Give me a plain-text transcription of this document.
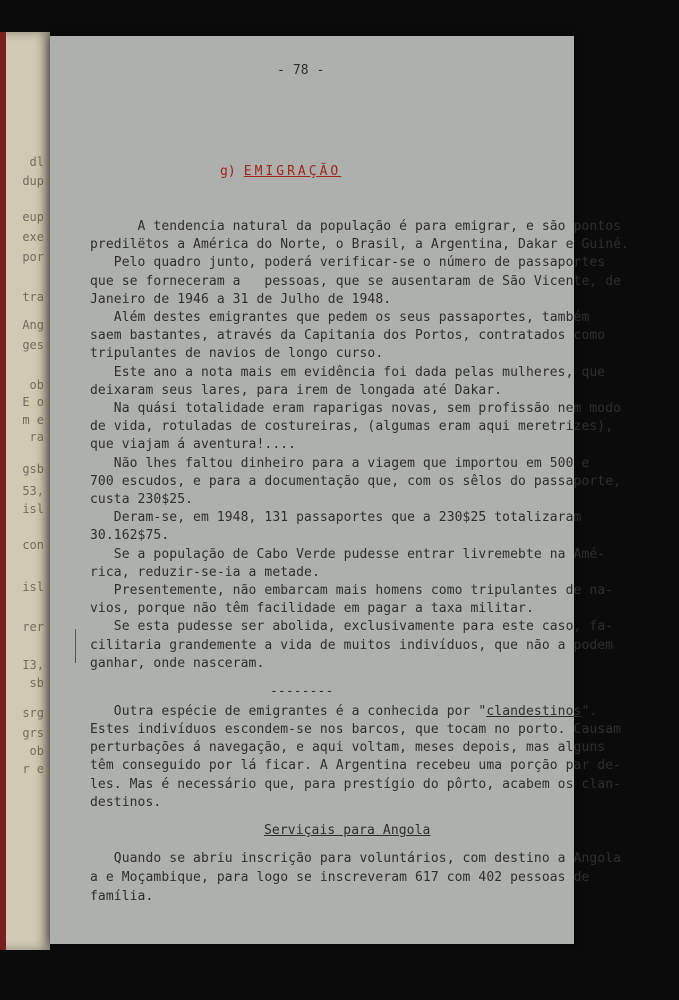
dl
dup
eup
exe
por
tra
Ang
ges
ob
E o
m e
ra
gsb
53,
isl
con
isl
rer
I3,
sb
srg
grs
ob
r e
- 78 -
g) EMIGRAÇÃO
A tendencia natural da população é para emigrar, e são pontos
predilëtos a América do Norte, o Brasil, a Argentina, Dakar e Guiné.
Pelo quadro junto, poderá verificar-se o número de passaportes
que se forneceram a   pessoas, que se ausentaram de São Vicente, de
Janeiro de 1946 a 31 de Julho de 1948.
Além destes emigrantes que pedem os seus passaportes, também
saem bastantes, através da Capitania dos Portos, contratados como
tripulantes de navios de longo curso.
Este ano a nota mais em evidência foi dada pelas mulheres, que
deixaram seus lares, para irem de longada até Dakar.
Na quási totalidade eram raparigas novas, sem profissão nem modo
de vida, rotuladas de costureiras, (algumas eram aqui meretrizes),
que viajam á aventura!....
Não lhes faltou dinheiro para a viagem que importou em 500 e
700 escudos, e para a documentação que, com os sêlos do passaporte,
custa 230$25.
Deram-se, em 1948, 131 passaportes que a 230$25 totalizaram
30.162$75.
Se a população de Cabo Verde pudesse entrar livremebte na Amé-
rica, reduzir-se-ia a metade.
Presentemente, não embarcam mais homens como tripulantes de na-
vios, porque não têm facilidade em pagar a taxa militar.
Se esta pudesse ser abolida, exclusivamente para este caso, fa-
cilitaria grandemente a vida de muitos indivíduos, que não a podem
ganhar, onde nasceram.
--------
Outra espécie de emigrantes é a conhecida por "clandestinos".
Estes indivíduos escondem-se nos barcos, que tocam no porto. Causam
perturbações á navegação, e aqui voltam, meses depois, mas alguns
têm conseguido por lá ficar. A Argentina recebeu uma porção par de-
les. Mas é necessário que, para prestígio do pôrto, acabem os clan-
destinos.
Serviçais para Angola
Quando se abriu inscrição para voluntários, com destino a Angola
a e Moçambique, para logo se inscreveram 617 com 402 pessoas de
família.
